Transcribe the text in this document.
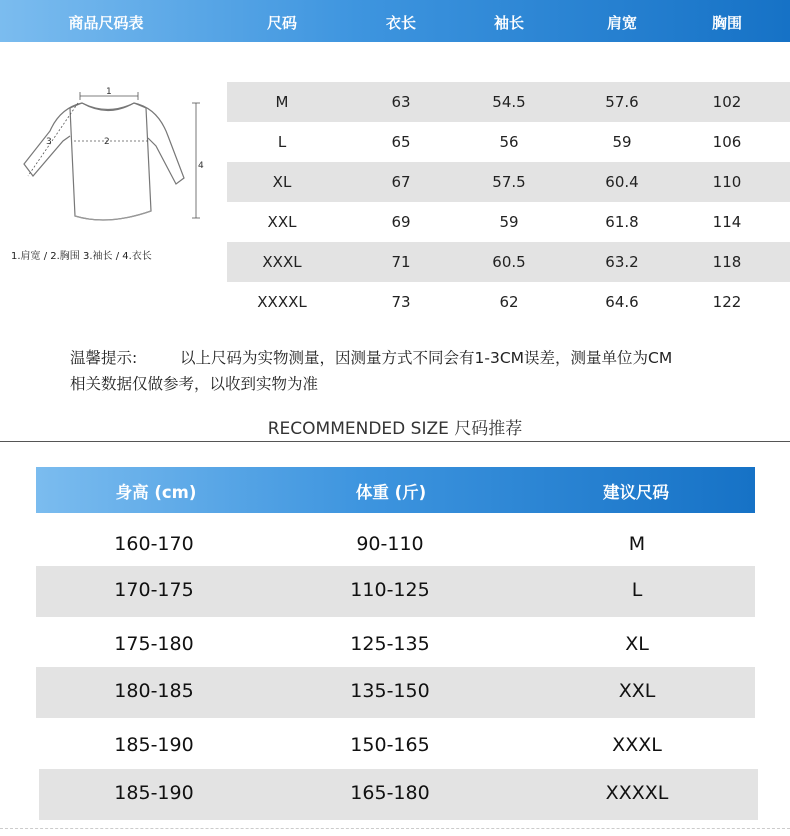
商品尺码表	尺码	衣长	袖长	肩宽	胸围
1
2
3
4
1.肩宽 / 2.胸围 3.袖长 / 4.衣长
M	63	54.5	57.6	102
L	65	56	59	106
XL	67	57.5	60.4	110
XXL	69	59	61.8	114
XXXL	71	60.5	63.2	118
XXXXL	73	62	64.6	122
温馨提示:	以上尺码为实物测量，因测量方式不同会有1-3CM误差，测量单位为CM
相关数据仅做参考，以收到实物为准
RECOMMENDED SIZE 尺码推荐
身高 (cm)	体重 (斤)	建议尺码
160-170	90-110	M
170-175	110-125	L
175-180	125-135	XL
180-185	135-150	XXL
185-190	150-165	XXXL
185-190	165-180	XXXXL
